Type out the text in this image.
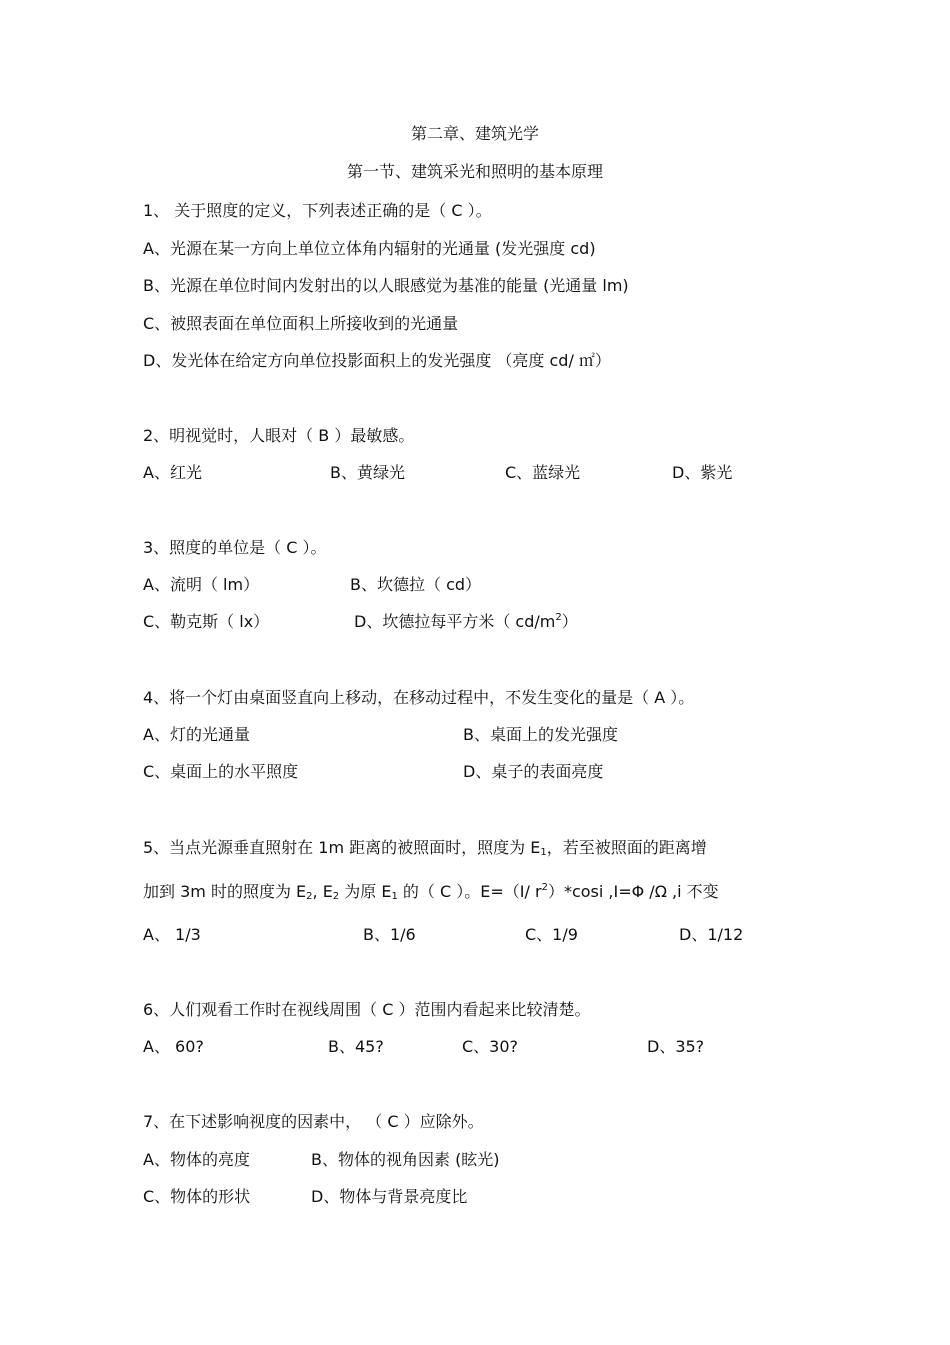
第二章、建筑光学
第一节、建筑采光和照明的基本原理
1、 关于照度的定义，下列表述正确的是（ C ）。
A、光源在某一方向上单位立体角内辐射的光通量 (发光强度 cd)
B、光源在单位时间内发射出的以人眼感觉为基准的能量 (光通量 lm)
C、被照表面在单位面积上所接收到的光通量
D、发光体在给定方向单位投影面积上的发光强度 （亮度 cd/ ㎡）
2、明视觉时，人眼对（ B ）最敏感。
A、红光	B、黄绿光	C、蓝绿光	D、紫光
3、照度的单位是（ C ）。
A、流明（ lm）	B、坎德拉（ cd）
C、勒克斯（ lx）	D、坎德拉每平方米（ $cd/m^2$）
4、将一个灯由桌面竖直向上移动，在移动过程中，不发生变化的量是（ A ）。
A、灯的光通量	B、桌面上的发光强度
C、桌面上的水平照度	D、桌子的表面亮度
5、当点光源垂直照射在 1m 距离的被照面时，照度为 $E_1$，若至被照面的距离增
加到 3m 时的照度为 $E_2$, $E_2$ 为原 $E_1$ 的（ C ）。E=（I/ $r^2)*\cos i$ ,I=Φ /Ω ,i 不变
A、 1/3	B、1/6	C、1/9	D、1/12
6、人们观看工作时在视线周围（ C ）范围内看起来比较清楚。
A、 60?	B、45?	C、30?	D、35?
7、在下述影响视度的因素中， （ C ）应除外。
A、物体的亮度	B、物体的视角因素 (眩光)
C、物体的形状	D、物体与背景亮度比
